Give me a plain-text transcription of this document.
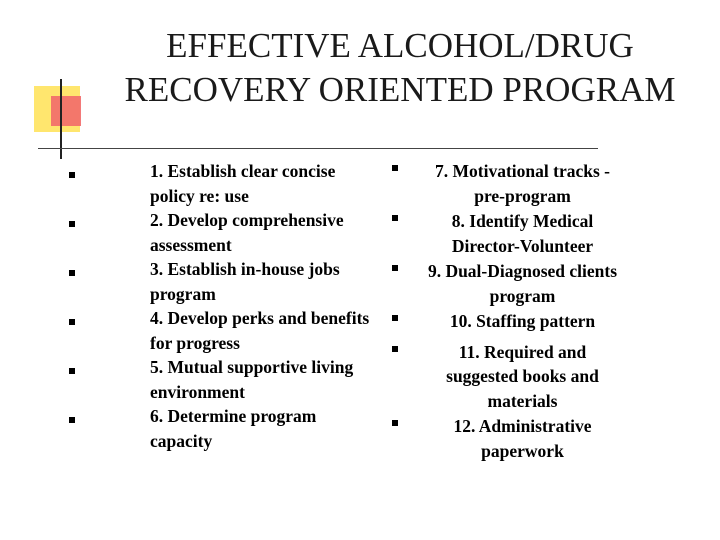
EFFECTIVE ALCOHOL/DRUG
RECOVERY ORIENTED PROGRAM
1. Establish clear concise
policy re: use
2. Develop comprehensive
assessment
3. Establish in-house jobs
program
4. Develop perks and benefits
for progress
5. Mutual supportive living
environment
6. Determine program
capacity
7. Motivational tracks -
pre-program
8. Identify Medical
Director-Volunteer
9. Dual-Diagnosed clients
program
10. Staffing pattern
11. Required and
suggested books and
materials
12. Administrative
paperwork
